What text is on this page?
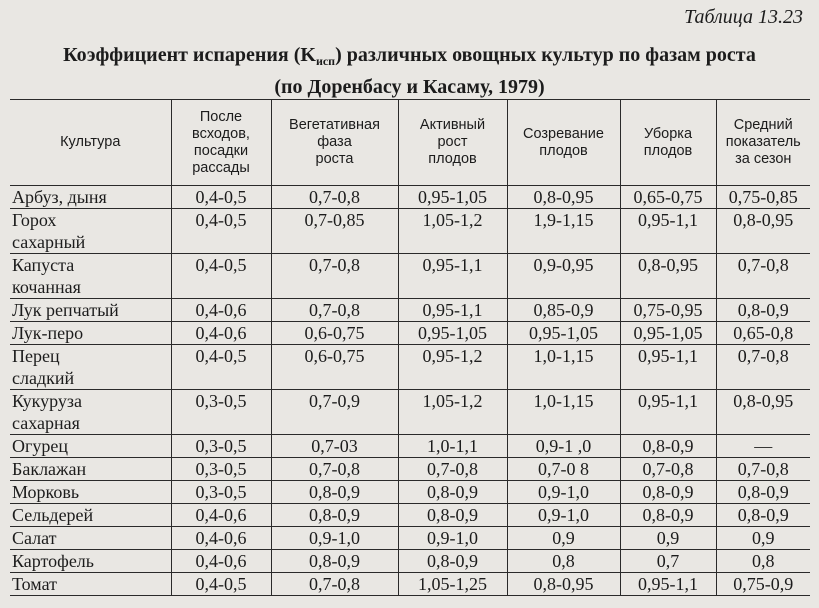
Таблица 13.23
Коэффициент испарения $(K_{исп})$ различных овощных культур по фазам роста
(по Доренбасу и Касаму, 1979)
Культура	После
всходов,
посадки
рассады	Вегетативная
фаза
роста	Активный
рост
плодов	Созревание
плодов	Уборка
плодов	Средний
показатель
за сезон
Арбуз, дыня	0,4-0,5	0,7-0,8	0,95-1,05	0,8-0,95	0,65-0,75	0,75-0,85
Горох
сахарный	0,4-0,5	0,7-0,85	1,05-1,2	1,9-1,15	0,95-1,1	0,8-0,95
Капуста
кочанная	0,4-0,5	0,7-0,8	0,95-1,1	0,9-0,95	0,8-0,95	0,7-0,8
Лук репчатый	0,4-0,6	0,7-0,8	0,95-1,1	0,85-0,9	0,75-0,95	0,8-0,9
Лук-перо	0,4-0,6	0,6-0,75	0,95-1,05	0,95-1,05	0,95-1,05	0,65-0,8
Перец
сладкий	0,4-0,5	0,6-0,75	0,95-1,2	1,0-1,15	0,95-1,1	0,7-0,8
Кукуруза
сахарная	0,3-0,5	0,7-0,9	1,05-1,2	1,0-1,15	0,95-1,1	0,8-0,95
Огурец	0,3-0,5	0,7-03	1,0-1,1	0,9-1 ,0	0,8-0,9	—
Баклажан	0,3-0,5	0,7-0,8	0,7-0,8	0,7-0 8	0,7-0,8	0,7-0,8
Морковь	0,3-0,5	0,8-0,9	0,8-0,9	0,9-1,0	0,8-0,9	0,8-0,9
Сельдерей	0,4-0,6	0,8-0,9	0,8-0,9	0,9-1,0	0,8-0,9	0,8-0,9
Салат	0,4-0,6	0,9-1,0	0,9-1,0	0,9	0,9	0,9
Картофель	0,4-0,6	0,8-0,9	0,8-0,9	0,8	0,7	0,8
Томат	0,4-0,5	0,7-0,8	1,05-1,25	0,8-0,95	0,95-1,1	0,75-0,9
